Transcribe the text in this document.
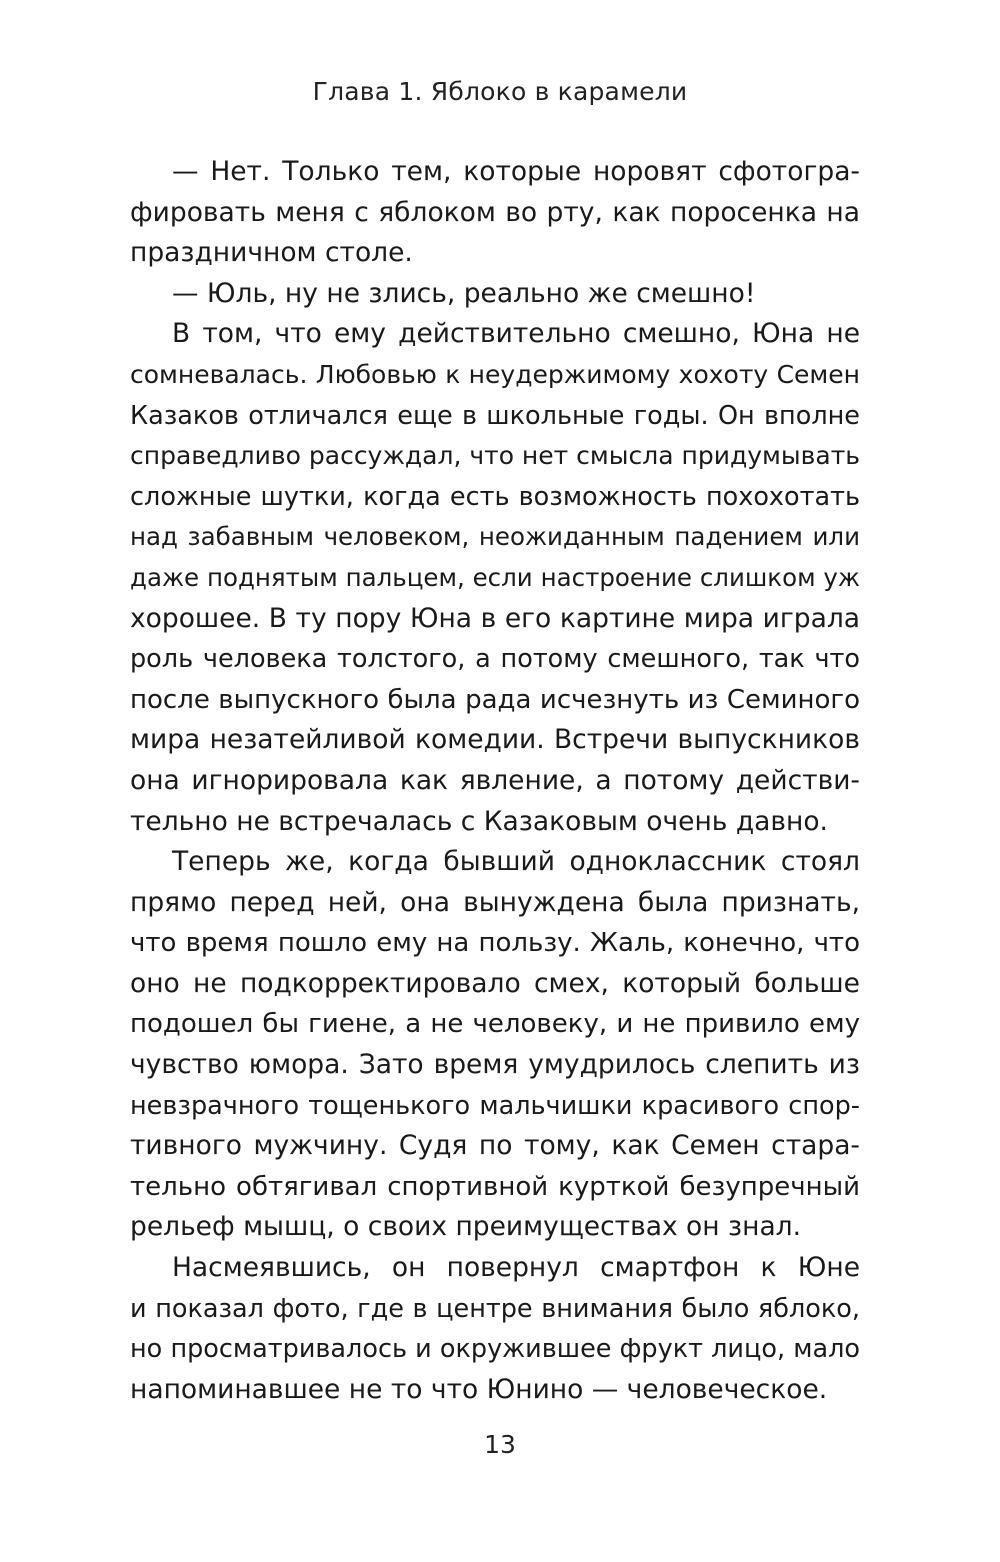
Глава 1. Яблоко в карамели
— Нет. Только тем, которые норовят сфотогра-
фировать меня с яблоком во рту, как поросенка на
праздничном столе.
— Юль, ну не злись, реально же смешно!
В том, что ему действительно смешно, Юна не
сомневалась. Любовью к неудержимому хохоту Семен
Казаков отличался еще в школьные годы. Он вполне
справедливо рассуждал, что нет смысла придумывать
сложные шутки, когда есть возможность похохотать
над забавным человеком, неожиданным падением или
даже поднятым пальцем, если настроение слишком уж
хорошее. В ту пору Юна в его картине мира играла
роль человека толстого, а потому смешного, так что
после выпускного была рада исчезнуть из Семиного
мира незатейливой комедии. Встречи выпускников
она игнорировала как явление, а потому действи-
тельно не встречалась с Казаковым очень давно.
Теперь же, когда бывший одноклассник стоял
прямо перед ней, она вынуждена была признать,
что время пошло ему на пользу. Жаль, конечно, что
оно не подкорректировало смех, который больше
подошел бы гиене, а не человеку, и не привило ему
чувство юмора. Зато время умудрилось слепить из
невзрачного тощенького мальчишки красивого спор-
тивного мужчину. Судя по тому, как Семен стара-
тельно обтягивал спортивной курткой безупречный
рельеф мышц, о своих преимуществах он знал.
Насмеявшись, он повернул смартфон к Юне
и показал фото, где в центре внимания было яблоко,
но просматривалось и окружившее фрукт лицо, мало
напоминавшее не то что Юнино — человеческое.
13
